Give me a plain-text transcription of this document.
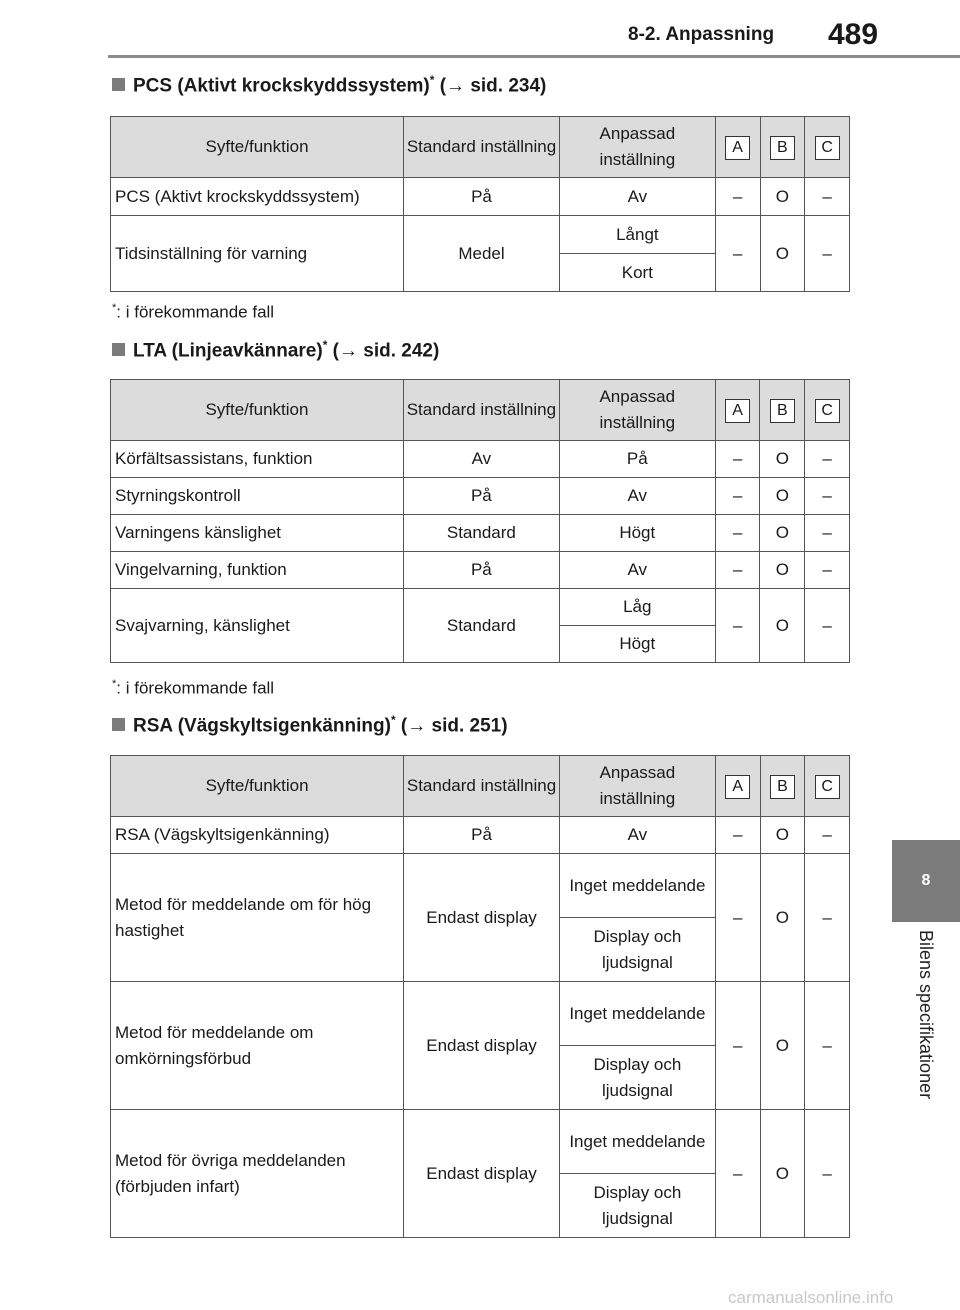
8-2. Anpassning 489
8
Bilens specifikationer
PCS (Aktivt krockskyddssystem)* (→ sid. 234)
Syfte/funktion	Standard inställning	Anpassad inställning	A	B	C
PCS (Aktivt krockskyddssystem)	På	Av	–	O	–
Tidsinställning för varning	Medel	Långt	–	O	–
		Kort			
*: i förekommande fall
LTA (Linjeavkännare)* (→ sid. 242)
Syfte/funktion	Standard inställning	Anpassad inställning	A	B	C
Körfältsassistans, funktion	Av	På	–	O	–
Styrningskontroll	På	Av	–	O	–
Varningens känslighet	Standard	Högt	–	O	–
Vingelvarning, funktion	På	Av	–	O	–
Svajvarning, känslighet	Standard	Låg	–	O	–
		Högt			
*: i förekommande fall
RSA (Vägskyltsigenkänning)* (→ sid. 251)
Syfte/funktion	Standard inställning	Anpassad inställning	A	B	C
RSA (Vägskyltsigenkänning)	På	Av	–	O	–
Metod för meddelande om för hög hastighet	Endast display	Inget meddelande	–	O	–
		Display och ljudsignal			
Metod för meddelande om omkörningsförbud	Endast display	Inget meddelande	–	O	–
		Display och ljudsignal			
Metod för övriga meddelanden (förbjuden infart)	Endast display	Inget meddelande	–	O	–
		Display och ljudsignal			
carmanualsonline.info
